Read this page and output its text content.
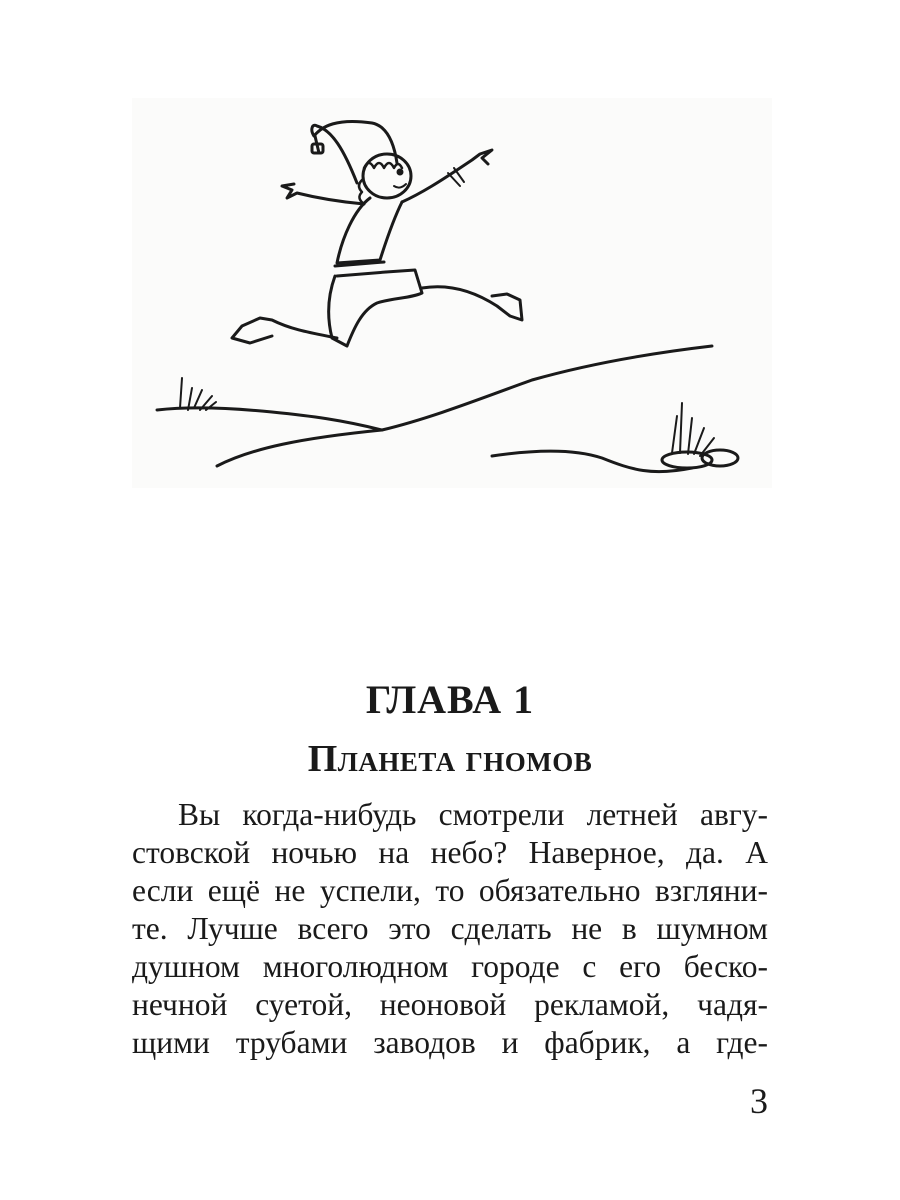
ГЛАВА 1
Планета гномов
Вы когда-нибудь смотрели летней авгу-
стовской ночью на небо? Наверное, да. А
если ещё не успели, то обязательно взгляни-
те. Лучше всего это сделать не в шумном
душном многолюдном городе с его беско-
нечной суетой, неоновой рекламой, чадя-
щими трубами заводов и фабрик, а где-
3
